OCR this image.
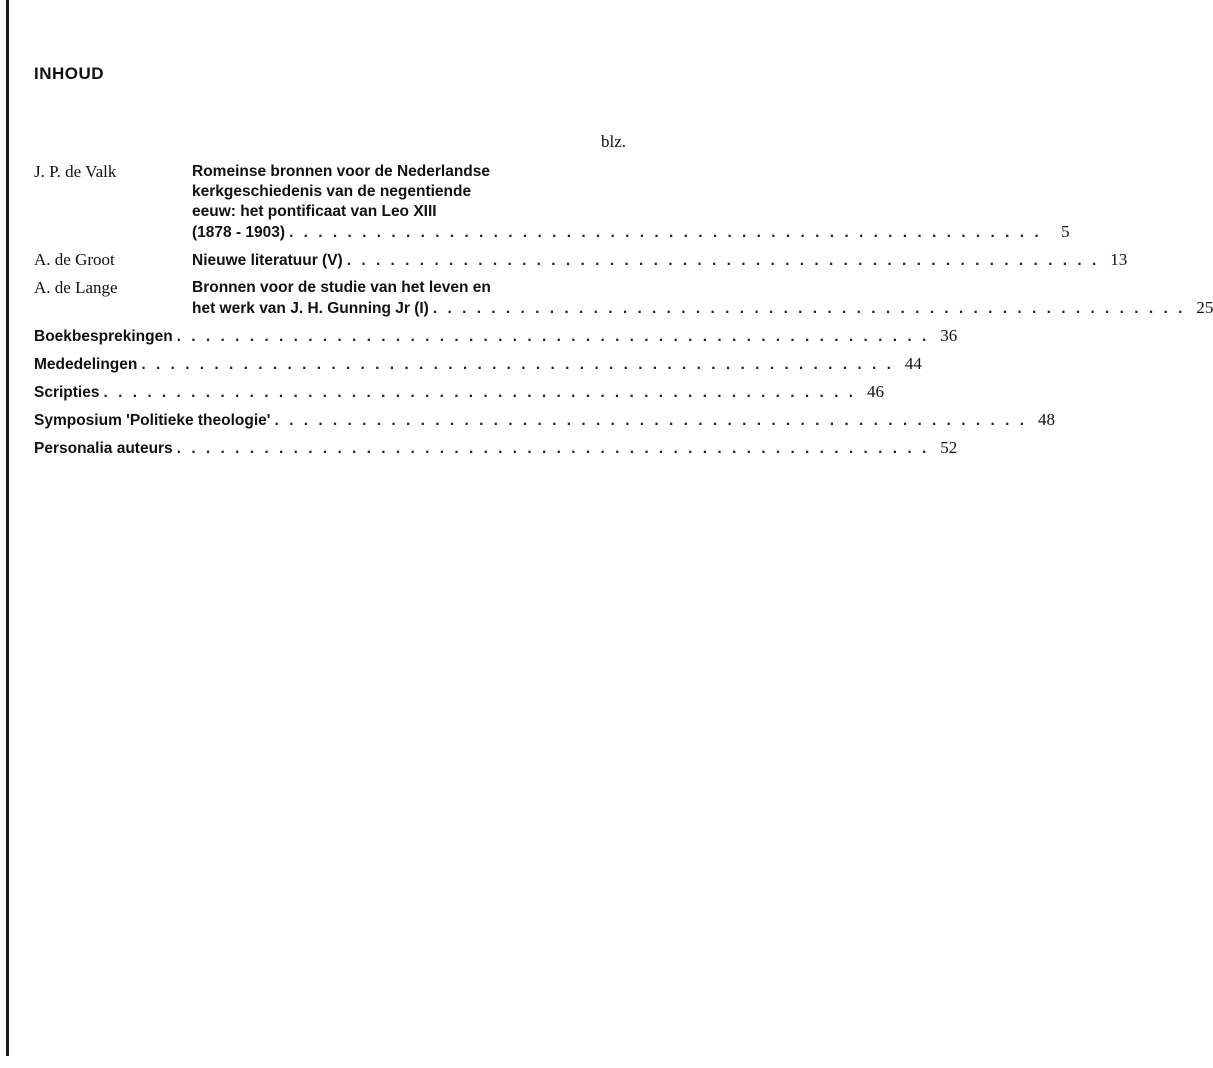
INHOUD
blz.
J. P. de Valk	Romeinse bronnen voor de Nederlandse
kerkgeschiedenis van de negentiende
eeuw: het pontificaat van Leo XIII
(1878 - 1903) . . . . . . . . . . . . . . . . . . . . . . . . . . . . . . . . . . . . . . . . . . . . . . . . . . . .	5
A. de Groot	Nieuwe literatuur (V) . . . . . . . . . . . . . . . . . . . . . . . . . . . . . . . . . . . . . . . . . . . . . . . . . . . . 13
A. de Lange	Bronnen voor de studie van het leven en
het werk van J. H. Gunning Jr (I) . . . . . . . . . . . . . . . . . . . . . . . . . . . . . . . . . . . . . . . . . . . . . . . . . . . . 25
Boekbesprekingen . . . . . . . . . . . . . . . . . . . . . . . . . . . . . . . . . . . . . . . . . . . . . . . . . . . . 36
Mededelingen . . . . . . . . . . . . . . . . . . . . . . . . . . . . . . . . . . . . . . . . . . . . . . . . . . . . 44
Scripties . . . . . . . . . . . . . . . . . . . . . . . . . . . . . . . . . . . . . . . . . . . . . . . . . . . . 46
Symposium 'Politieke theologie' . . . . . . . . . . . . . . . . . . . . . . . . . . . . . . . . . . . . . . . . . . . . . . . . . . . . 48
Personalia auteurs . . . . . . . . . . . . . . . . . . . . . . . . . . . . . . . . . . . . . . . . . . . . . . . . . . . . 52
